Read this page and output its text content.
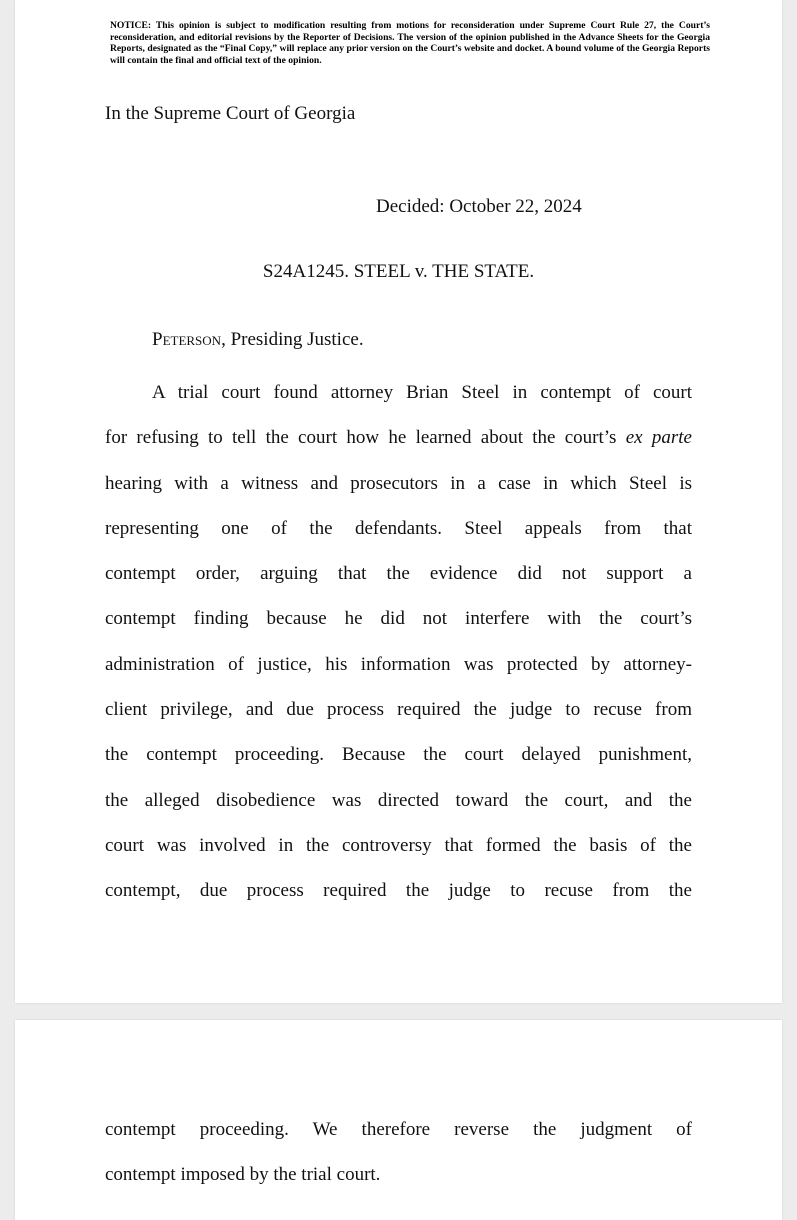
NOTICE: This opinion is subject to modification resulting from motions for reconsideration under Supreme Court Rule 27, the Court’s reconsideration, and editorial revisions by the Reporter of Decisions. The version of the opinion published in the Advance Sheets for the Georgia Reports, designated as the “Final Copy,” will replace any prior version on the Court’s website and docket. A bound volume of the Georgia Reports will contain the final and official text of the opinion.
In the Supreme Court of Georgia
Decided: October 22, 2024
S24A1245. STEEL v. THE STATE.
Peterson, Presiding Justice.
A trial court found attorney Brian Steel in contempt of court
for refusing to tell the court how he learned about the court’s ex parte
hearing with a witness and prosecutors in a case in which Steel is
representing one of the defendants. Steel appeals from that
contempt order, arguing that the evidence did not support a
contempt finding because he did not interfere with the court’s
administration of justice, his information was protected by attorney-
client privilege, and due process required the judge to recuse from
the contempt proceeding. Because the court delayed punishment,
the alleged disobedience was directed toward the court, and the
court was involved in the controversy that formed the basis of the
contempt, due process required the judge to recuse from the
contempt proceeding. We therefore reverse the judgment of
contempt imposed by the trial court.
